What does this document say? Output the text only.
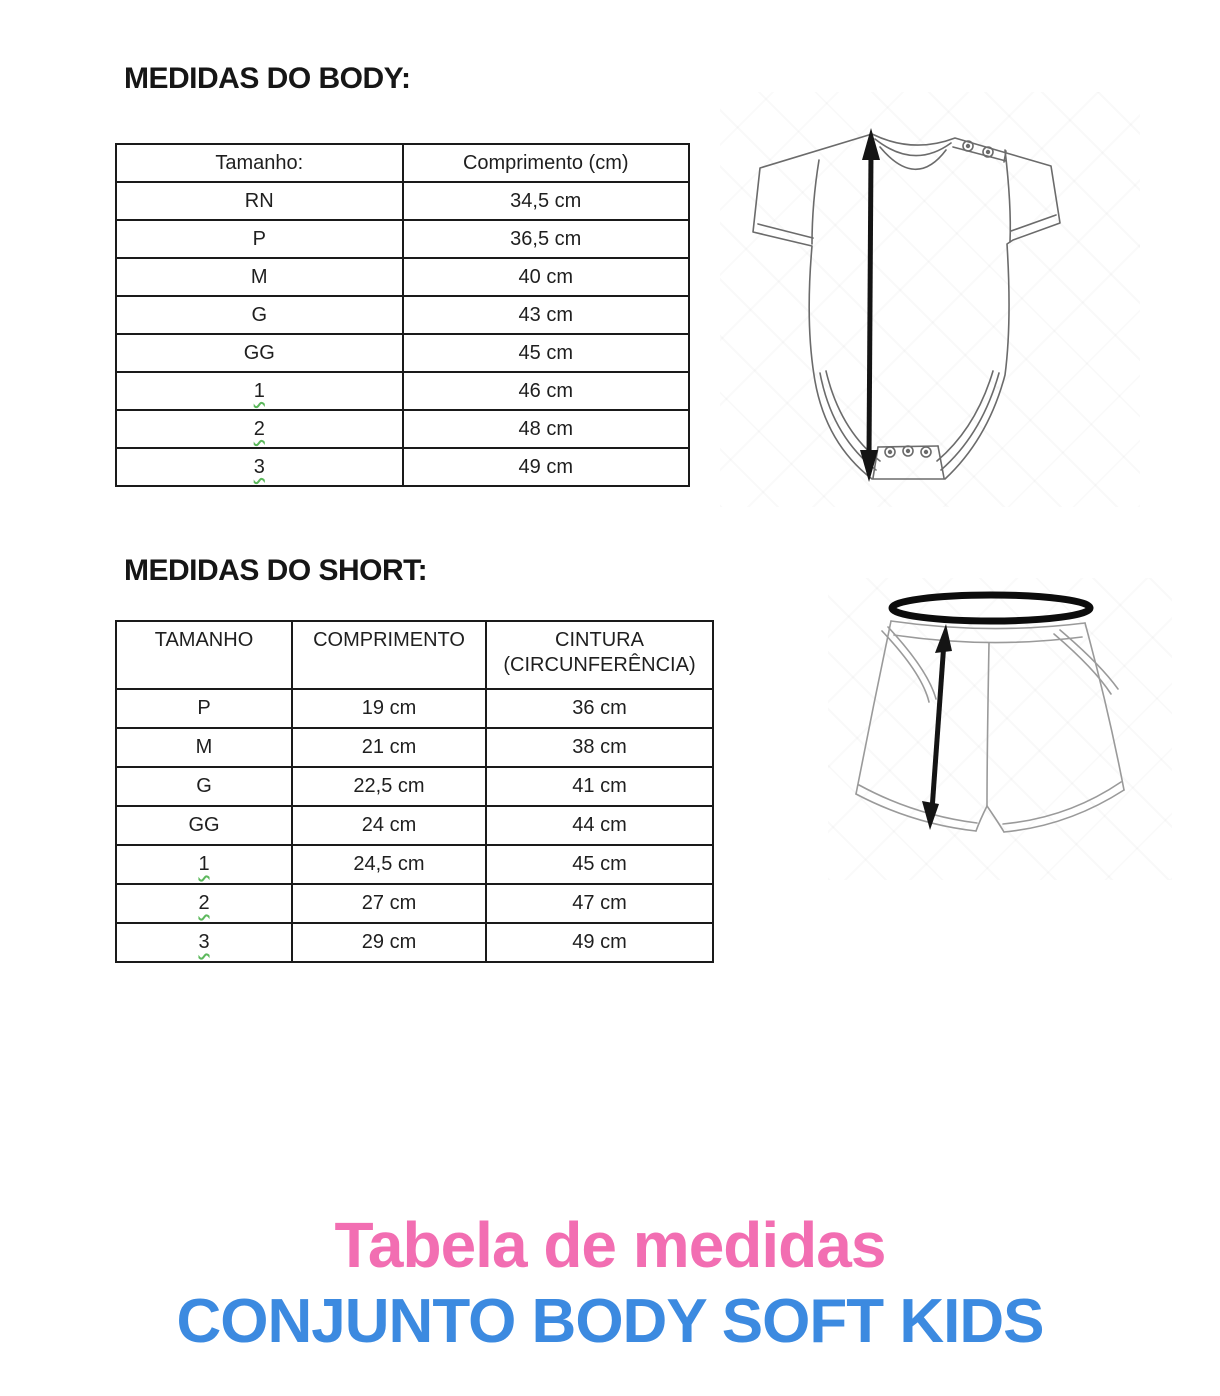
MEDIDAS DO BODY:
Tamanho:	Comprimento (cm)
RN	34,5 cm
P	36,5 cm
M	40 cm
G	43 cm
GG	45 cm
1	46 cm
2	48 cm
3	49 cm
MEDIDAS DO SHORT:
TAMANHO	COMPRIMENTO	CINTURA
(CIRCUNFERÊNCIA)
P	19 cm	36 cm
M	21 cm	38 cm
G	22,5 cm	41 cm
GG	24 cm	44 cm
1	24,5 cm	45 cm
2	27 cm	47 cm
3	29 cm	49 cm
Tabela de medidas
CONJUNTO BODY SOFT KIDS
